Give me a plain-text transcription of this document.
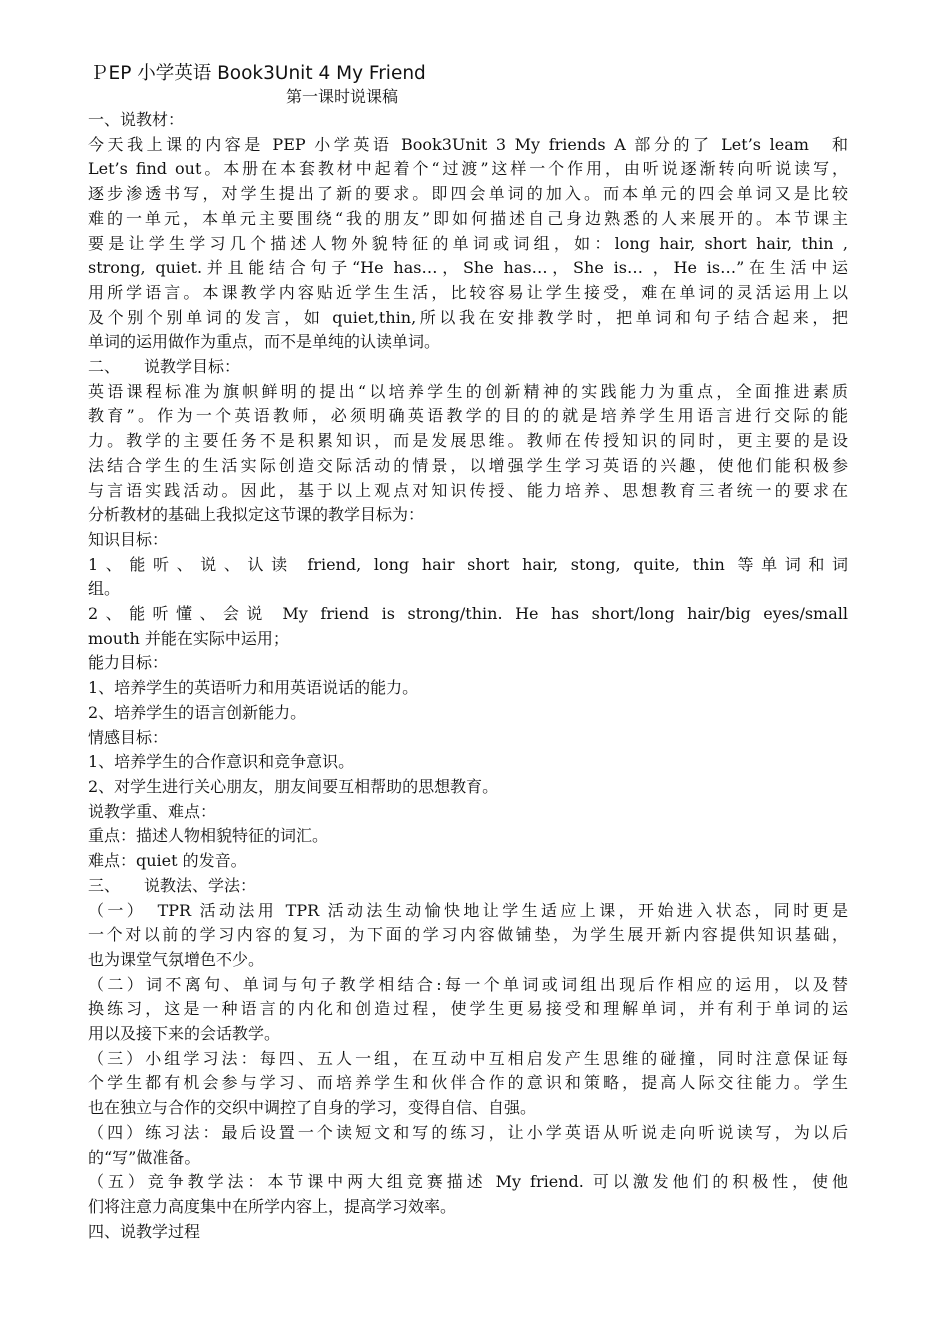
ＰEP 小学英语 Book3Unit 4 My Friend
第一课时说课稿
一、说教材：
今天我上课的内容是 PEP 小学英语 Book3Unit 3 My friends A 部分的了 Let’s leam　和
Let’s find out。本册在本套教材中起着个“过渡”这样一个作用，由听说逐渐转向听说读写，
逐步渗透书写，对学生提出了新的要求。即四会单词的加入。而本单元的四会单词又是比较
难的一单元，本单元主要围绕“我的朋友”即如何描述自己身边熟悉的人来展开的。本节课主
要是让学生学习几个描述人物外貌特征的单词或词组，如：long hair, short hair, thin ,
strong, quiet.并且能结合句子“He has…，She has…，She is… ，He is…”在生活中运
用所学语言。本课教学内容贴近学生生活，比较容易让学生接受，难在单词的灵活运用上以
及个别个别单词的发言，如 quiet,thin,所以我在安排教学时，把单词和句子结合起来，把
单词的运用做作为重点，而不是单纯的认读单词。
二、　　说教学目标：
英语课程标准为旗帜鲜明的提出“以培养学生的创新精神的实践能力为重点，全面推进素质
教育”。作为一个英语教师，必须明确英语教学的目的的就是培养学生用语言进行交际的能
力。教学的主要任务不是积累知识，而是发展思维。教师在传授知识的同时，更主要的是设
法结合学生的生活实际创造交际活动的情景，以增强学生学习英语的兴趣，使他们能积极参
与言语实践活动。因此，基于以上观点对知识传授、能力培养、思想教育三者统一的要求在
分析教材的基础上我拟定这节课的教学目标为：
知识目标：
1、能听、说、认读 friend, long hair short hair, stong, quite, thin 等单词和词
组。
2、能听懂、会说 My friend is strong/thin. He has short/long hair/big eyes/small
mouth 并能在实际中运用；
能力目标：
1、培养学生的英语听力和用英语说话的能力。
2、培养学生的语言创新能力。
情感目标：
1、培养学生的合作意识和竞争意识。
2、对学生进行关心朋友，朋友间要互相帮助的思想教育。
说教学重、难点：
重点：描述人物相貌特征的词汇。
难点：quiet 的发音。
三、　　说教法、学法：
（一）　TPR 活动法用 TPR 活动法生动愉快地让学生适应上课，开始进入状态，同时更是
一个对以前的学习内容的复习，为下面的学习内容做铺垫，为学生展开新内容提供知识基础，
也为课堂气氛增色不少。
（二）词不离句、单词与句子教学相结合:每一个单词或词组出现后作相应的运用，以及替
换练习，这是一种语言的内化和创造过程，使学生更易接受和理解单词，并有利于单词的运
用以及接下来的会话教学。
（三）小组学习法：每四、五人一组，在互动中互相启发产生思维的碰撞，同时注意保证每
个学生都有机会参与学习、而培养学生和伙伴合作的意识和策略，提高人际交往能力。学生
也在独立与合作的交织中调控了自身的学习，变得自信、自强。
（四）练习法：最后设置一个读短文和写的练习，让小学英语从听说走向听说读写，为以后
的“写”做准备。
（五）竞争教学法：本节课中两大组竞赛描述 My friend. 可以激发他们的积极性，使他
们将注意力高度集中在所学内容上，提高学习效率。
四、说教学过程
